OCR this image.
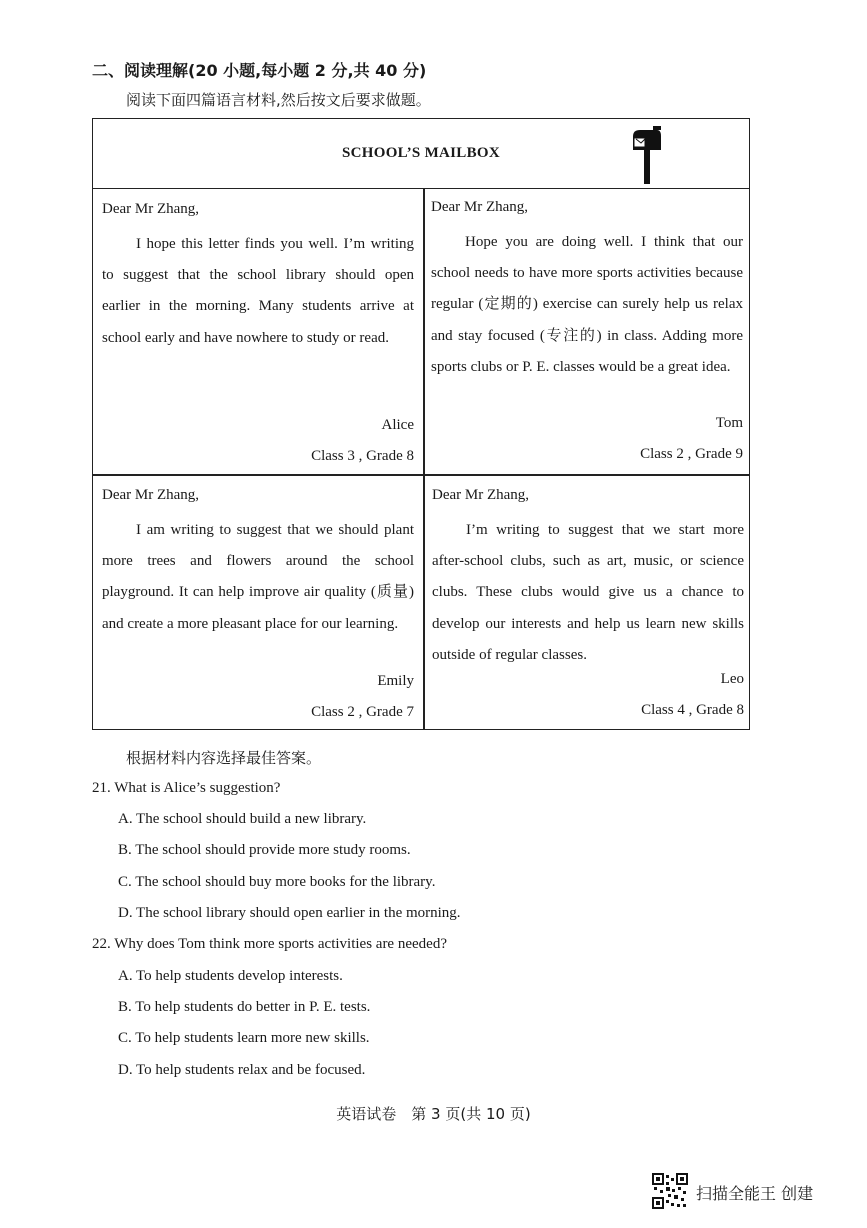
二、阅读理解(20 小题,每小题 2 分,共 40 分)
阅读下面四篇语言材料,然后按文后要求做题。
SCHOOL’S MAILBOX
Dear Mr Zhang,
I hope this letter finds you well. I’m writing to suggest that the school library should open earlier in the morning. Many students arrive at school early and have nowhere to study or read.
Alice
Class 3 , Grade 8
Dear Mr Zhang,
Hope you are doing well. I think that our school needs to have more sports activities because regular (定期的) exercise can surely help us relax and stay focused (专注的) in class. Adding more sports clubs or P. E. classes would be a great idea.
Tom
Class 2 , Grade 9
Dear Mr Zhang,
I am writing to suggest that we should plant more trees and flowers around the school playground. It can help improve air quality (质量) and create a more pleasant place for our learning.
Emily
Class 2 , Grade 7
Dear Mr Zhang,
I’m writing to suggest that we start more after-school clubs, such as art, music, or science clubs. These clubs would give us a chance to develop our interests and help us learn new skills outside of regular classes.
Leo
Class 4 , Grade 8
根据材料内容选择最佳答案。
21. What is Alice’s suggestion?
A. The school should build a new library.
B. The school should provide more study rooms.
C. The school should buy more books for the library.
D. The school library should open earlier in the morning.
22. Why does Tom think more sports activities are needed?
A. To help students develop interests.
B. To help students do better in P. E. tests.
C. To help students learn more new skills.
D. To help students relax and be focused.
英语试卷　第 3 页(共 10 页)
扫描全能王 创建
